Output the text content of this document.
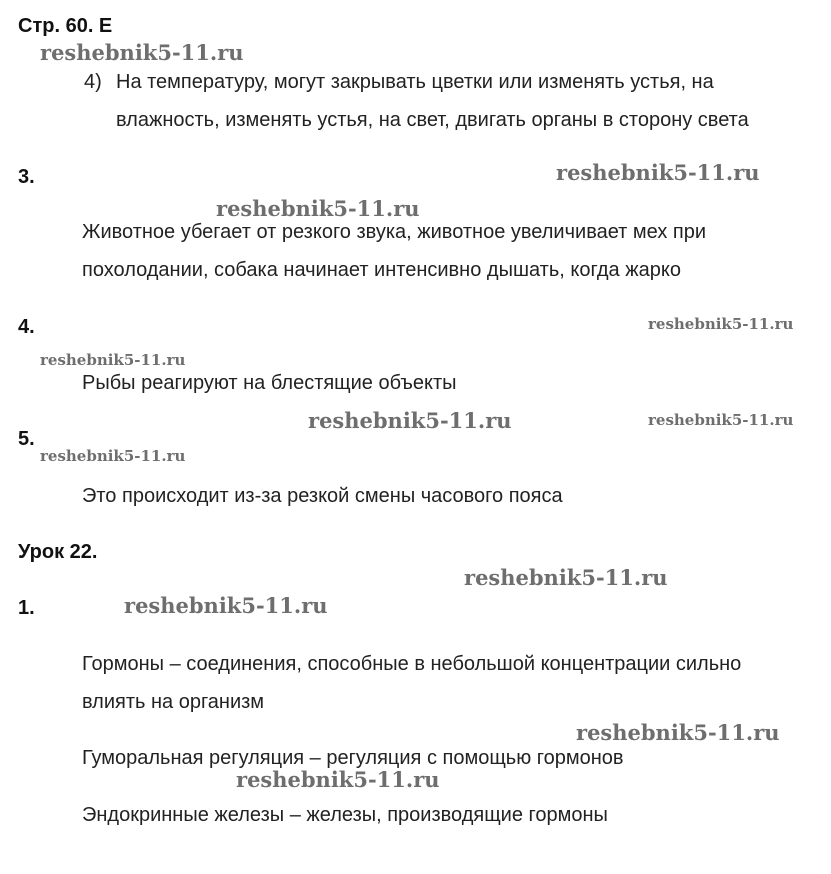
Стр. 60. Е
4) На температуру, могут закрывать цветки или изменять устья, на
влажность, изменять устья, на свет, двигать органы в сторону света
3.
Животное убегает от резкого звука, животное увеличивает мех при
похолодании, собака начинает интенсивно дышать, когда жарко
4.
Рыбы реагируют на блестящие объекты
5.
Это происходит из-за резкой смены часового пояса
Урок 22.
1.
Гормоны – соединения, способные в небольшой концентрации сильно
влиять на организм
Гуморальная регуляция – регуляция с помощью гормонов
Эндокринные железы – железы, производящие гормоны
reshebnik5-11.ru
reshebnik5-11.ru
reshebnik5-11.ru
reshebnik5-11.ru
reshebnik5-11.ru
reshebnik5-11.ru	reshebnik5-11.ru
reshebnik5-11.ru
reshebnik5-11.ru
reshebnik5-11.ru
reshebnik5-11.ru
reshebnik5-11.ru
